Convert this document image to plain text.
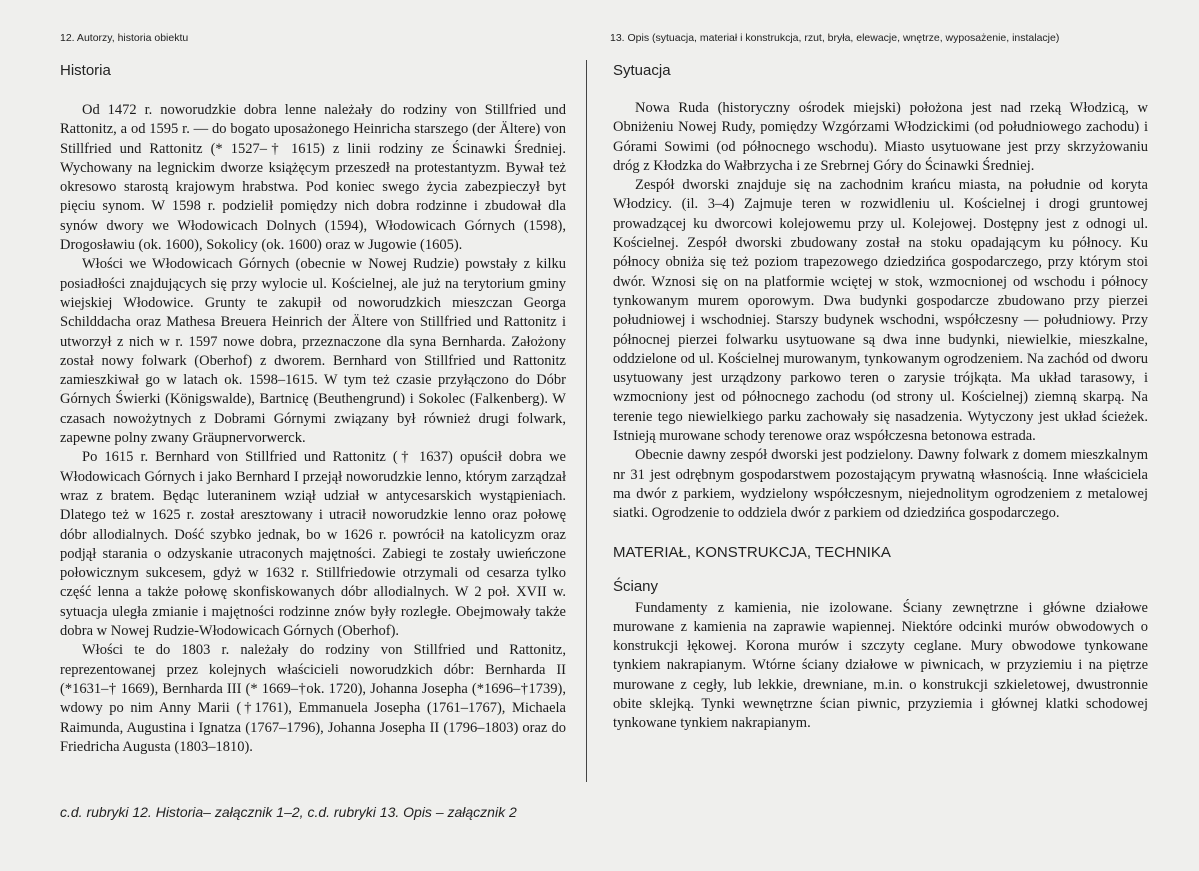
12. Autorzy, historia obiektu	13. Opis (sytuacja, materiał i konstrukcja, rzut, bryła, elewacje, wnętrze, wyposażenie, instalacje)
Historia

Od 1472 r. noworudzkie dobra lenne należały do rodziny von Stillfried und Rattonitz, a od 1595 r. — do bogato uposażonego Heinricha starszego (der Ältere) von Stillfried und Rattonitz (* 1527–† 1615) z linii rodziny ze Ścinawki Średniej. Wychowany na legnickim dworze książęcym przeszedł na protestantyzm. Bywał też okresowo starostą krajowym hrabstwa. Pod koniec swego życia zabezpieczył byt pięciu synom. W 1598 r. podzielił pomiędzy nich dobra rodzinne i zbudował dla synów dwory we Włodowicach Dolnych (1594), Włodowicach Górnych (1598), Drogosławiu (ok. 1600), Sokolicy (ok. 1600) oraz w Jugowie (1605).

Włości we Włodowicach Górnych (obecnie w Nowej Rudzie) powstały z kilku posiadłości znajdujących się przy wylocie ul. Kościelnej, ale już na terytorium gminy wiejskiej Włodowice. Grunty te zakupił od noworudzkich mieszczan Georga Schilddacha oraz Mathesa Breuera Heinrich der Ältere von Stillfried und Rattonitz i utworzył z nich w r. 1597 nowe dobra, przeznaczone dla syna Bernharda. Założony został nowy folwark (Oberhof) z dworem. Bernhard von Stillfried und Rattonitz zamieszkiwał go w latach ok. 1598–1615. W tym też czasie przyłączono do Dóbr Górnych Świerki (Königswalde), Bartnicę (Beuthengrund) i Sokolec (Falkenberg). W czasach nowożytnych z Dobrami Górnymi związany był również drugi folwark, zapewne polny zwany Gräupnervorwerck.

Po 1615 r. Bernhard von Stillfried und Rattonitz († 1637) opuścił dobra we Włodowicach Górnych i jako Bernhard I przejął noworudzkie lenno, którym zarządzał wraz z bratem. Będąc luteraninem wziął udział w antycesarskich wystąpieniach. Dlatego też w 1625 r. został aresztowany i utracił noworudzkie lenno oraz połowę dóbr allodialnych. Dość szybko jednak, bo w 1626 r. powrócił na katolicyzm oraz podjął starania o odzyskanie utraconych majętności. Zabiegi te zostały uwieńczone połowicznym sukcesem, gdyż w 1632 r. Stillfriedowie otrzymali od cesarza tylko część lenna a także połowę skonfiskowanych dóbr allodialnych. W 2 poł. XVII w. sytuacja uległa zmianie i majętności rodzinne znów były rozległe. Obejmowały także dobra w Nowej Rudzie-Włodowicach Górnych (Oberhof).

Włości te do 1803 r. należały do rodziny von Stillfried und Rattonitz, reprezentowanej przez kolejnych właścicieli noworudzkich dóbr: Bernharda II (*1631–† 1669), Bernharda III (* 1669–†ok. 1720), Johanna Josepha (*1696–†1739), wdowy po nim Anny Marii (†1761), Emmanuela Josepha (1761–1767), Michaela Raimunda, Augustina i Ignatza (1767–1796), Johanna Josepha II (1796–1803) oraz do Friedricha Augusta (1803–1810).

Sytuacja

Nowa Ruda (historyczny ośrodek miejski) położona jest nad rzeką Włodzicą, w Obniżeniu Nowej Rudy, pomiędzy Wzgórzami Włodzickimi (od południowego zachodu) i Górami Sowimi (od północnego wschodu). Miasto usytuowane jest przy skrzyżowaniu dróg z Kłodzka do Wałbrzycha i ze Srebrnej Góry do Ścinawki Średniej.

Zespół dworski znajduje się na zachodnim krańcu miasta, na południe od koryta Włodzicy. (il. 3–4) Zajmuje teren w rozwidleniu ul. Kościelnej i drogi gruntowej prowadzącej ku dworcowi kolejowemu przy ul. Kolejowej. Dostępny jest z odnogi ul. Kościelnej. Zespół dworski zbudowany został na stoku opadającym ku północy. Ku północy obniża się też poziom trapezowego dziedzińca gospodarczego, przy którym stoi dwór. Wznosi się on na platformie wciętej w stok, wzmocnionej od wschodu i północy tynkowanym murem oporowym. Dwa budynki gospodarcze zbudowano przy pierzei południowej i wschodniej. Starszy budynek wschodni, współczesny — południowy. Przy północnej pierzei folwarku usytuowane są dwa inne budynki, niewielkie, mieszkalne, oddzielone od ul. Kościelnej murowanym, tynkowanym ogrodzeniem. Na zachód od dworu usytuowany jest urządzony parkowo teren o zarysie trójkąta. Ma układ tarasowy, i wzmocniony jest od północnego zachodu (od strony ul. Kościelnej) ziemną skarpą. Na terenie tego niewielkiego parku zachowały się nasadzenia. Wytyczony jest układ ścieżek. Istnieją murowane schody terenowe oraz współczesna betonowa estrada.

Obecnie dawny zespół dworski jest podzielony. Dawny folwark z domem mieszkalnym nr 31 jest odrębnym gospodarstwem pozostającym prywatną własnością. Inne właściciela ma dwór z parkiem, wydzielony współczesnym, niejednolitym ogrodzeniem z metalowej siatki. Ogrodzenie to oddziela dwór z parkiem od dziedzińca gospodarczego.

MATERIAŁ, KONSTRUKCJA, TECHNIKA
Ściany

Fundamenty z kamienia, nie izolowane. Ściany zewnętrzne i główne działowe murowane z kamienia na zaprawie wapiennej. Niektóre odcinki murów obwodowych o konstrukcji łękowej. Korona murów i szczyty ceglane. Mury obwodowe tynkowane tynkiem nakrapianym. Wtórne ściany działowe w piwnicach, w przyziemiu i na piętrze murowane z cegły, lub lekkie, drewniane, m.in. o konstrukcji szkieletowej, dwustronnie obite sklejką. Tynki wewnętrzne ścian piwnic, przyziemia i głównej klatki schodowej tynkowane tynkiem nakrapianym.

c.d. rubryki 12. Historia– załącznik 1–2, c.d. rubryki 13. Opis – załącznik 2
